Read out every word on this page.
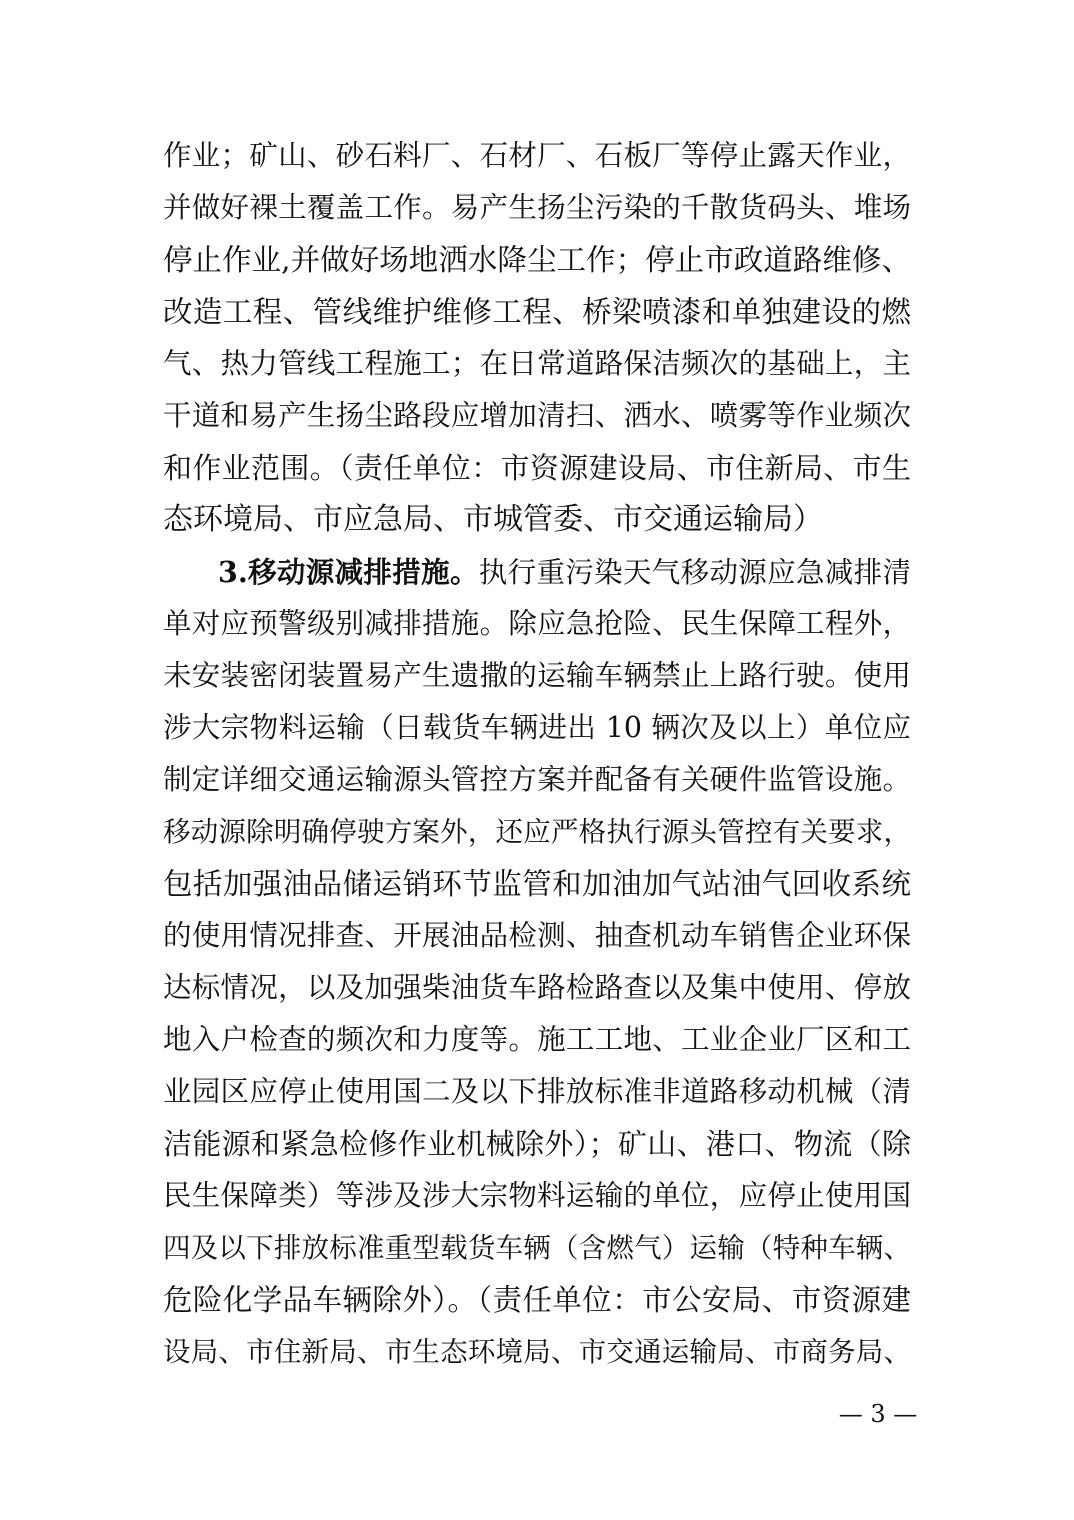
作业；矿山、砂石料厂、石材厂、石板厂等停止露天作业，
并做好裸土覆盖工作。易产生扬尘污染的千散货码头、堆场
停止作业,并做好场地洒水降尘工作；停止市政道路维修、
改造工程、管线维护维修工程、桥梁喷漆和单独建设的燃
气、热力管线工程施工；在日常道路保洁频次的基础上，主
干道和易产生扬尘路段应增加清扫、洒水、喷雾等作业频次
和作业范围。（责任单位：市资源建设局、市住新局、市生
态环境局、市应急局、市城管委、市交通运输局）
3.移动源减排措施。执行重污染天气移动源应急减排清
单对应预警级别减排措施。除应急抢险、民生保障工程外，
未安装密闭装置易产生遗撒的运输车辆禁止上路行驶。使用
涉大宗物料运输（日载货车辆进出 10 辆次及以上）单位应
制定详细交通运输源头管控方案并配备有关硬件监管设施。
移动源除明确停驶方案外，还应严格执行源头管控有关要求，
包括加强油品储运销环节监管和加油加气站油气回收系统
的使用情况排查、开展油品检测、抽查机动车销售企业环保
达标情况，以及加强柴油货车路检路查以及集中使用、停放
地入户检查的频次和力度等。施工工地、工业企业厂区和工
业园区应停止使用国二及以下排放标准非道路移动机械（清
洁能源和紧急检修作业机械除外）；矿山、港口、物流（除
民生保障类）等涉及涉大宗物料运输的单位，应停止使用国
四及以下排放标准重型载货车辆（含燃气）运输（特种车辆、
危险化学品车辆除外）。（责任单位：市公安局、市资源建
设局、市住新局、市生态环境局、市交通运输局、市商务局、
— 3 —
